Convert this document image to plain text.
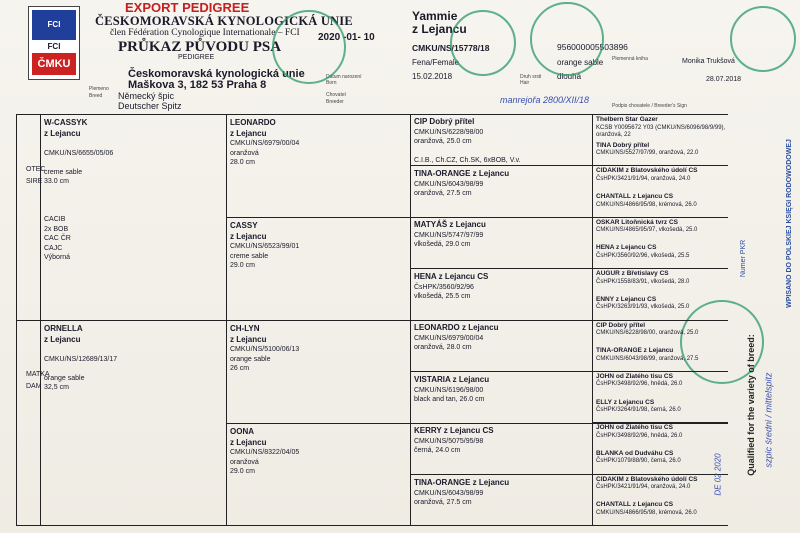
FCI
FCI
ČMKU
EXPORT PEDIGREE
ČESKOMORAVSKÁ KYNOLOGICKÁ UNIE
člen Fédération Cynologique Internationale – FCI
PRŮKAZ PŮVODU PSA
PEDIGREE
Českomoravská kynologická unie
Maškova 3, 182 53 Praha 8
Německý špic
Deutscher Spitz
Plemeno
Breed
Datum narození
Born
Chovatel
Breeder
Druh srsti
Hair
Podpis chovatele / Breeder's Sign
Plemenná kniha
Yammie
z Lejancu
CMKU/NS/15778/18
Fena/Female
15.02.2018
orange sable
dlouhá
956000005503896
Monika Trukšová
28.07.2018
2020 -01- 10
manrejořa 2800/XII/18
OTEC SIRE
MATKA DAM
W-CASSYK
z Lejancu

CMKU/NS/6655/05/06

creme sable
33.0 cm

CACIB
2x BOB
CAC ČR
CAJC
Výborná
ORNELLA
z Lejancu

CMKU/NS/12689/13/17

orange sable
32,5 cm
LEONARDO
z Lejancu
CMKU/NS/6979/00/04
oranžová
28.0 cm
CASSY
z Lejancu
CMKU/NS/6523/99/01
creme sable
29.0 cm
CH-LYN
z Lejancu
CMKU/NS/5100/06/13
orange sable
26 cm
OONA
z Lejancu
CMKU/NS/8322/04/05
oranžová
29.0 cm
CIP Dobrý přítel
CMKU/NS/6228/98/00
oranžová, 25.0 cm

C.I.B., Ch.CZ, Ch.SK, 6xBOB, V.v.
TINA-ORANGE z Lejancu
CMKU/NS/6043/98/99
oranžová, 27.5 cm
MATYÁŠ z Lejancu
CMKU/NS/5747/97/99
vlkošedá, 29.0 cm
HENA z Lejancu CS
ČsHPK/3560/92/96
vlkošedá, 25.5 cm
LEONARDO z Lejancu
CMKU/NS/6979/00/04
oranžová, 28.0 cm
VISTARIA z Lejancu
CMKU/NS/6196/98/00
black and tan, 26.0 cm
KERRY z Lejancu CS
CMKU/NS/5075/95/98
černá, 24.0 cm
TINA-ORANGE z Lejancu
CMKU/NS/6043/98/99
oranžová, 27.5 cm
Thelbern Star Gazer
KCSB Y0095672 Y03 (CMKU/NS/6096/98/9/99), oranžová, 22
TINA Dobrý přítel
CMKU/NS/5527/97/99, oranžová, 22.0
CIDAKIM z Blatovského údolí CS
ČsHPK/3421/91/94, oranžová, 24.0
CHANTALL z Lejancu CS
CMKU/NS/4866/95/98, krémová, 26.0
OSKAR Litoňnická tvrz CS
CMKU/NS/4865/95/97, vlkošedá, 25.0
HENA z Lejancu CS
ČsHPK/3560/92/96, vlkošedá, 25.5
AUGUR z Břetislavy CS
ČsHPK/1558/83/91, vlkošedá, 28.0
ENNY z Lejancu CS
ČsHPK/3263/91/93, vlkošedá, 25.0
CIP Dobrý přítel
CMKU/NS/6228/98/00, oranžová, 25.0
TINA-ORANGE z Lejancu
CMKU/NS/6043/98/99, oranžová, 27.5
JOHN od Zlatého tisu CS
ČsHPK/3498/92/96, hnědá, 26.0
ELLY z Lejancu CS
ČsHPK/3264/91/98, černá, 26.0
JOHN od Zlatého tisu CS
ČsHPK/3498/92/96, hnědá, 26.0
BLANKA od Dudváhu CS
ČsHPK/1079/88/90, černá, 26.0
CIDAKIM z Blatovského údolí CS
ČsHPK/3421/91/94, oranžová, 24.0
CHANTALL z Lejancu CS
CMKU/NS/4866/95/98, krémová, 26.0
WPISANO DO POLSKIEJ KSIĘGI RODOWODOWEJ
Numer PKR
Qualified for the variety of breed: szpic średni / mittelspitz
DE 02 2020
